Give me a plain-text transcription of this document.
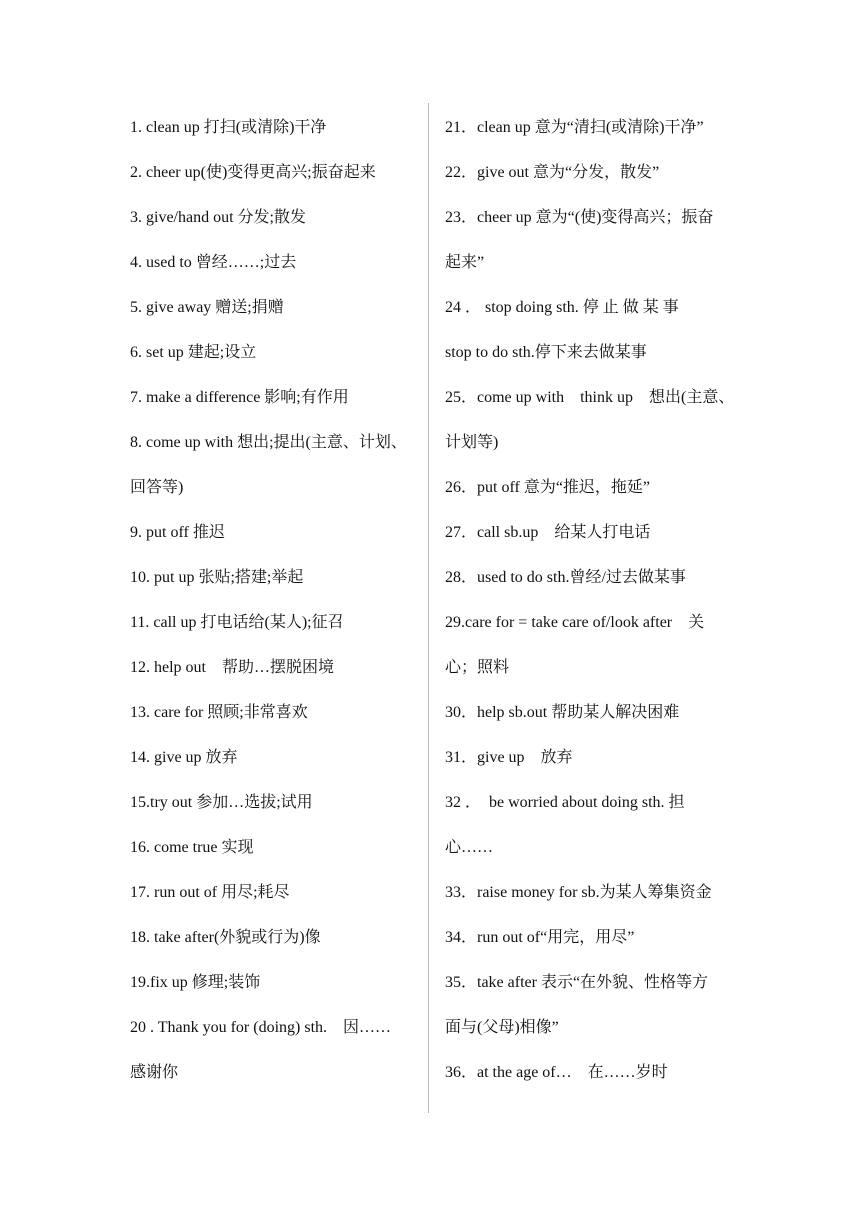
1. clean up 打扫(或清除)干净
2. cheer up(使)变得更高兴;振奋起来
3. give/hand out 分发;散发
4. used to 曾经……;过去
5. give away 赠送;捐赠
6. set up 建起;设立
7. make a difference 影响;有作用
8. come up with 想出;提出(主意、计划、
回答等)
9. put off 推迟
10. put up 张贴;搭建;举起
11. call up 打电话给(某人);征召
12. help out　帮助…摆脱困境
13. care for 照顾;非常喜欢
14. give up 放弃
15.try out 参加…选拔;试用
16. come true 实现
17. run out of 用尽;耗尽
18. take after(外貌或行为)像
19.fix up 修理;装饰
20 . Thank you for (doing) sth.　因……
感谢你
21．clean up 意为“清扫(或清除)干净”
22．give out 意为“分发，散发”
23．cheer up 意为“(使)变得高兴；振奋
起来”
24 ． stop doing sth. 停 止 做 某 事
stop to do sth.停下来去做某事
25．come up with　think up　想出(主意、
计划等)
26．put off 意为“推迟，拖延”
27．call sb.up　给某人打电话
28．used to do sth.曾经/过去做某事
29.care for = take care of/look after　关
心；照料
30．help sb.out 帮助某人解决困难
31．give up　放弃
32 ．　be worried about doing sth. 担
心……
33．raise money for sb.为某人筹集资金
34．run out of“用完，用尽”
35．take after 表示“在外貌、性格等方
面与(父母)相像”
36．at the age of…　在……岁时
